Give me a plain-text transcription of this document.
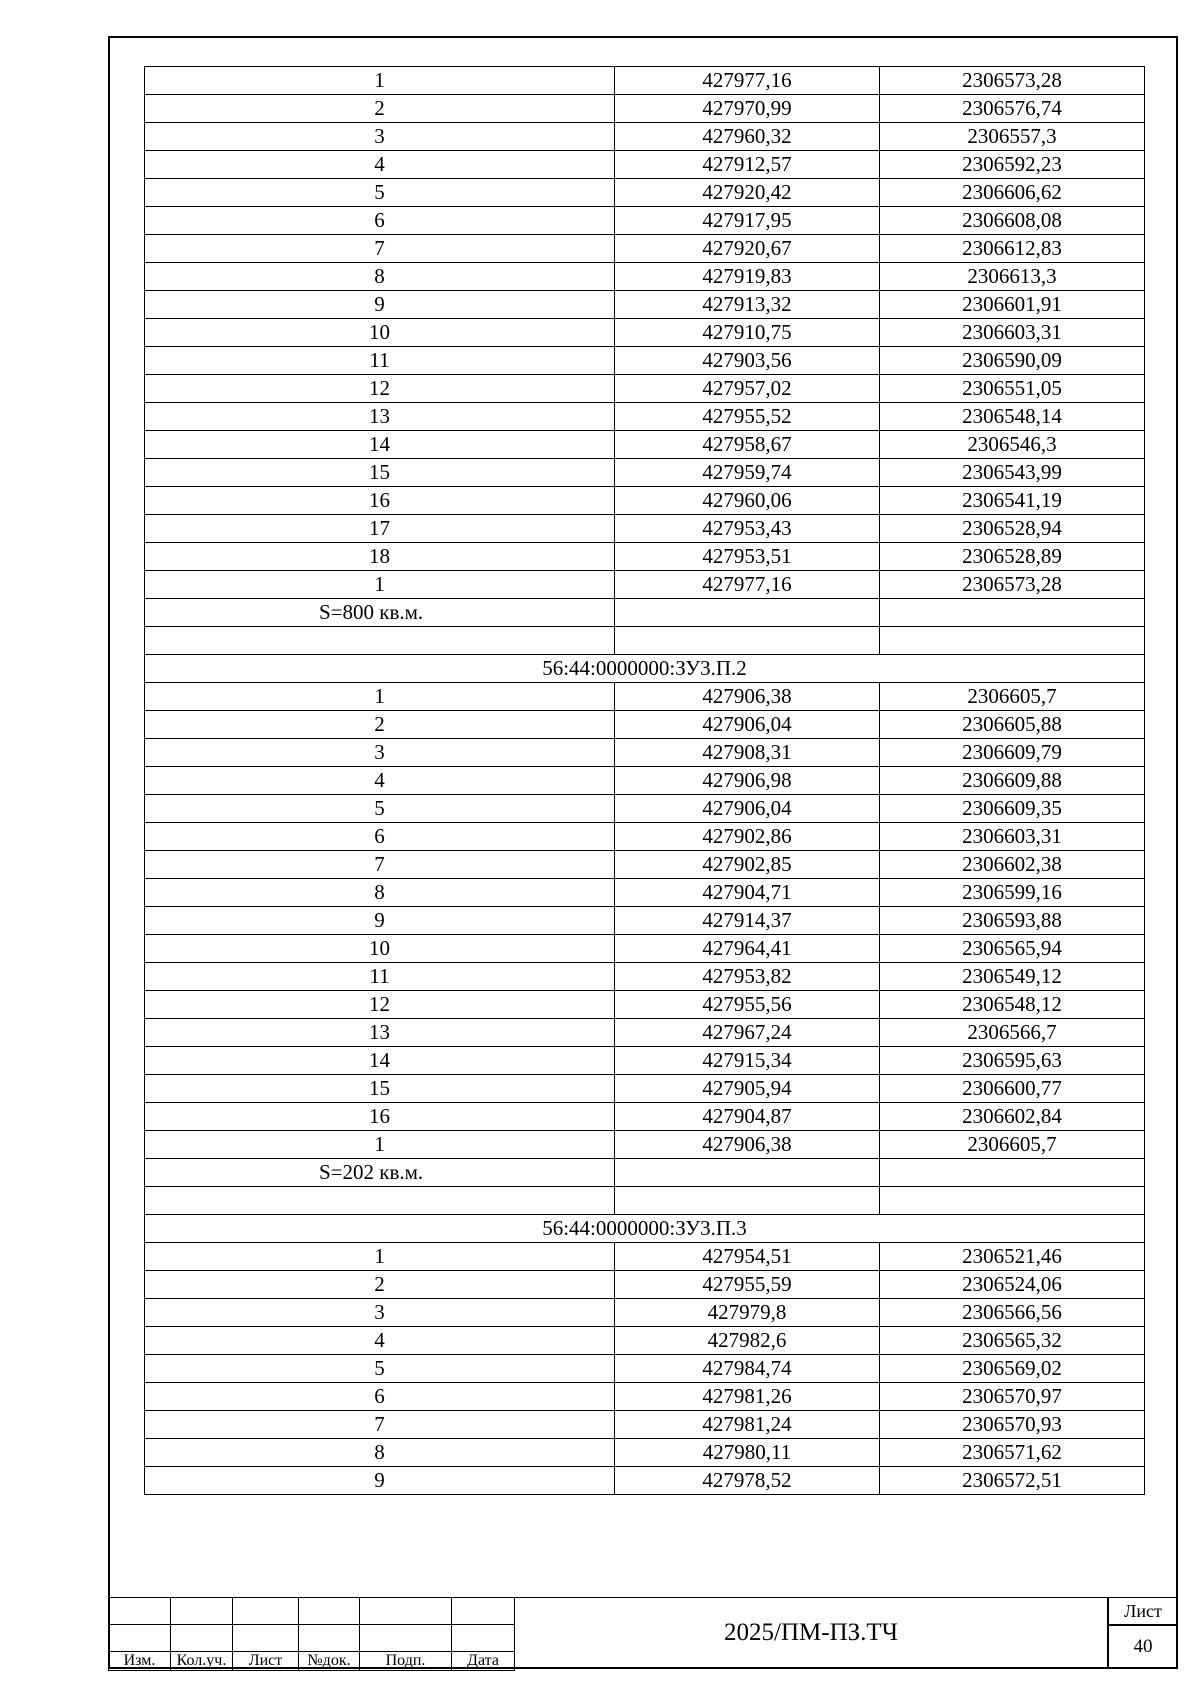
1	427977,16	2306573,28
2	427970,99	2306576,74
3	427960,32	2306557,3
4	427912,57	2306592,23
5	427920,42	2306606,62
6	427917,95	2306608,08
7	427920,67	2306612,83
8	427919,83	2306613,3
9	427913,32	2306601,91
10	427910,75	2306603,31
11	427903,56	2306590,09
12	427957,02	2306551,05
13	427955,52	2306548,14
14	427958,67	2306546,3
15	427959,74	2306543,99
16	427960,06	2306541,19
17	427953,43	2306528,94
18	427953,51	2306528,89
1	427977,16	2306573,28
S=800 кв.м.		

56:44:0000000:ЗУ3.П.2		
1	427906,38	2306605,7
2	427906,04	2306605,88
3	427908,31	2306609,79
4	427906,98	2306609,88
5	427906,04	2306609,35
6	427902,86	2306603,31
7	427902,85	2306602,38
8	427904,71	2306599,16
9	427914,37	2306593,88
10	427964,41	2306565,94
11	427953,82	2306549,12
12	427955,56	2306548,12
13	427967,24	2306566,7
14	427915,34	2306595,63
15	427905,94	2306600,77
16	427904,87	2306602,84
1	427906,38	2306605,7
S=202 кв.м.		

56:44:0000000:ЗУ3.П.3		
1	427954,51	2306521,46
2	427955,59	2306524,06
3	427979,8	2306566,56
4	427982,6	2306565,32
5	427984,74	2306569,02
6	427981,26	2306570,97
7	427981,24	2306570,93
8	427980,11	2306571,62
9	427978,52	2306572,51

Изм.	Кол.уч.	Лист	№док.	Подп.	Дата
2025/ПМ-ПЗ.ТЧ
Лист
40
